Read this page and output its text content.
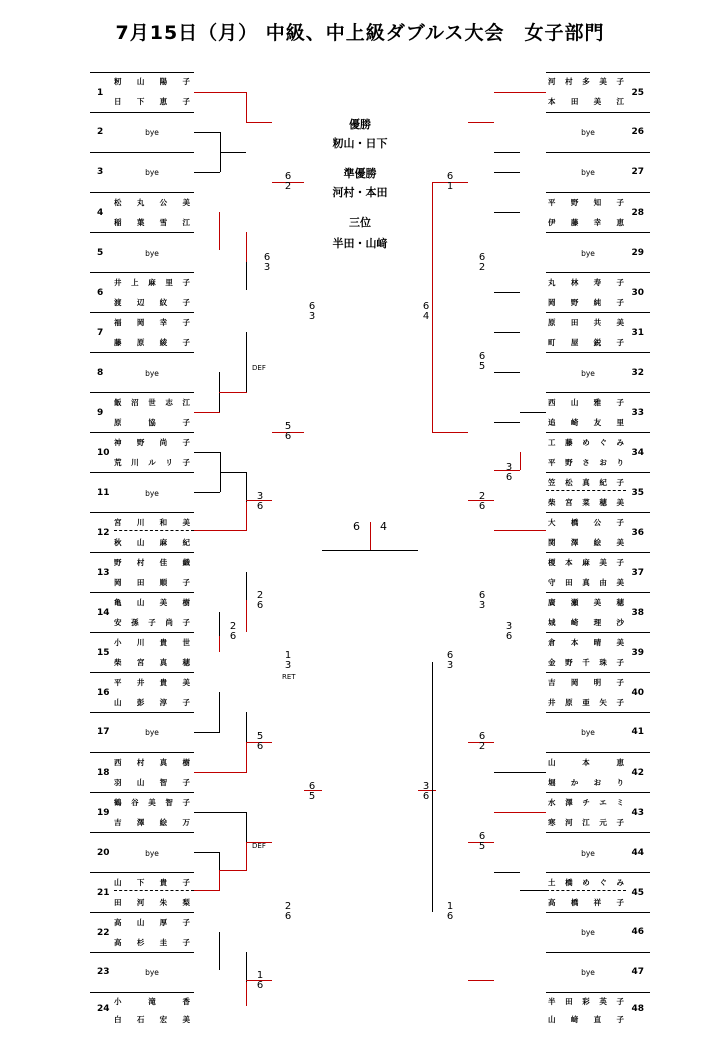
7月15日（月） 中級、中上級ダブルス大会　女子部門
1
籾山陽子
日下恵子
2	bye
3	bye
4
松丸公美
稲葉雪江
5	bye
6
井上麻里子
渡辺紋子
7
福岡幸子
藤原綾子
8	bye
9
飯沼世志江
原協子
10
神野尚子
荒川ルリ子
11	bye
12
宮川和美
秋山麻紀
13
野村佳織
岡田順子
14
亀山美樹
安孫子尚子
15
小川貴世
柴宮真穂
16
平井貴美
山彭淳子
17	bye
18
西村真樹
羽山智子
19
鶴谷美智子
吉澤絵万
20	bye
21
山下貴子
田河朱梨
22
高山厚子
高杉圭子
23	bye
24
小滝香
白石宏美
河村多美子
本田美江
25
bye	26
bye	27
平野知子
伊藤幸恵
28
bye	29
丸林寿子
岡野純子
30
原田共美
町屋鋭子
31
bye	32
西山雅子
追崎友里
33
工藤めぐみ
平野さおり
34
笠松真紀子
柴宮菜穂美
35
大橋公子
関澤絵美
36
榎本麻美子
守田真由美
37
廣瀬美穂
城崎理沙
38
倉本晴美
金野千珠子
39
吉岡明子
井原亜矢子
40
bye	41
山本恵
堀かおり
42
水澤チエミ
寒河江元子
43
bye	44
土橋めぐみ
高橋祥子
45
bye	46
bye	47
半田彩英子
山﨑直子
48
6 4
優勝
籾山・日下
準優勝
河村・本田
三位
半田・山﨑
6
2
6
3
6
3
DEF
5
6
3
6
2
6
2
6
1
3
RET
5
6
6
5
DEF
2
6
1
6
6
1
6
2
6
4
6
5
3
6
2
6
6
3
3
6
6
3
6
2
3
6
6
5
1
6
